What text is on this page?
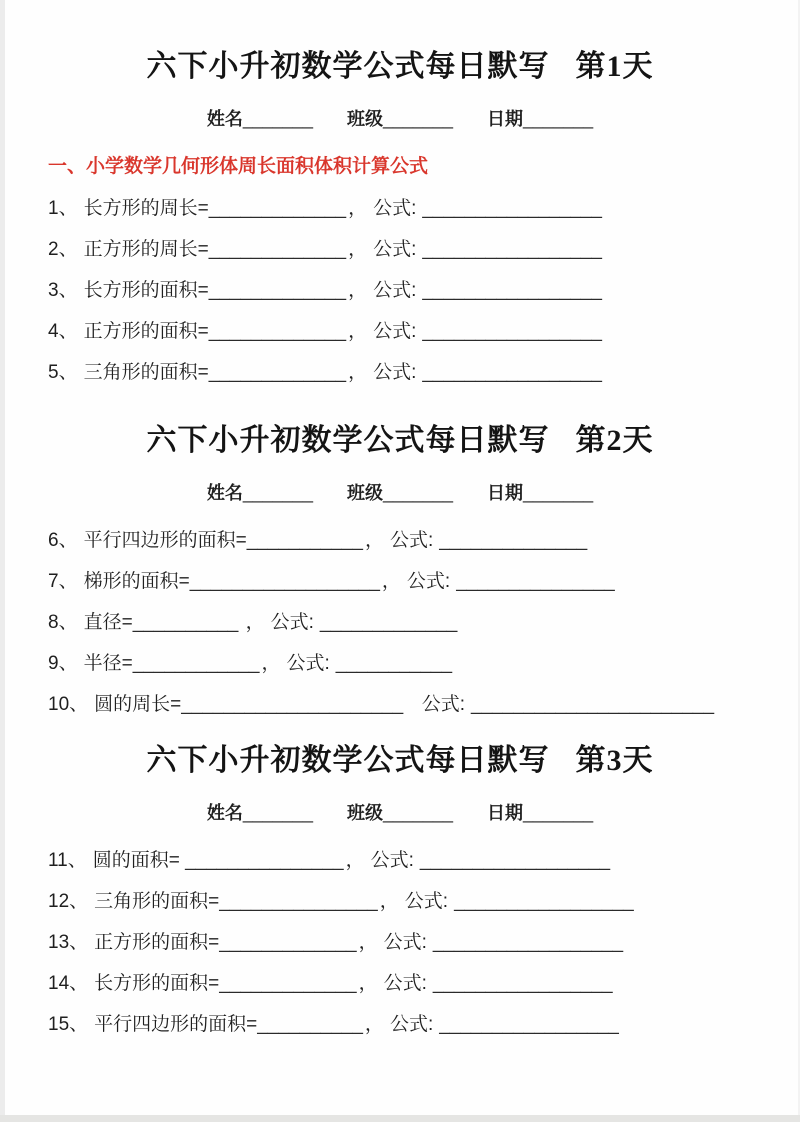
六下小升初数学公式每日默写 第1天
姓名_______ 班级_______ 日期_______
一、小学数学几何形体周长面积体积计算公式
1、 长方形的周长=_____________ ， 公式: _________________
2、 正方形的周长=_____________ ， 公式: _________________
3、 长方形的面积=_____________ ， 公式: _________________
4、 正方形的面积=_____________ ， 公式: _________________
5、 三角形的面积=_____________ ， 公式: _________________
六下小升初数学公式每日默写 第2天
姓名_______ 班级_______ 日期_______
6、 平行四边形的面积=___________ ， 公式: ______________
7、 梯形的面积=__________________ ， 公式: _______________
8、 直径=__________ ， 公式: _____________
9、 半径=____________ ， 公式: ___________
10、 圆的周长=_____________________ 公式: _______________________
六下小升初数学公式每日默写 第3天
姓名_______ 班级_______ 日期_______
11、 圆的面积= _______________ ， 公式: __________________
12、 三角形的面积=_______________ ， 公式: _________________
13、 正方形的面积=_____________ ， 公式: __________________
14、 长方形的面积=_____________ ， 公式: _________________
15、 平行四边形的面积=__________ ， 公式: _________________
